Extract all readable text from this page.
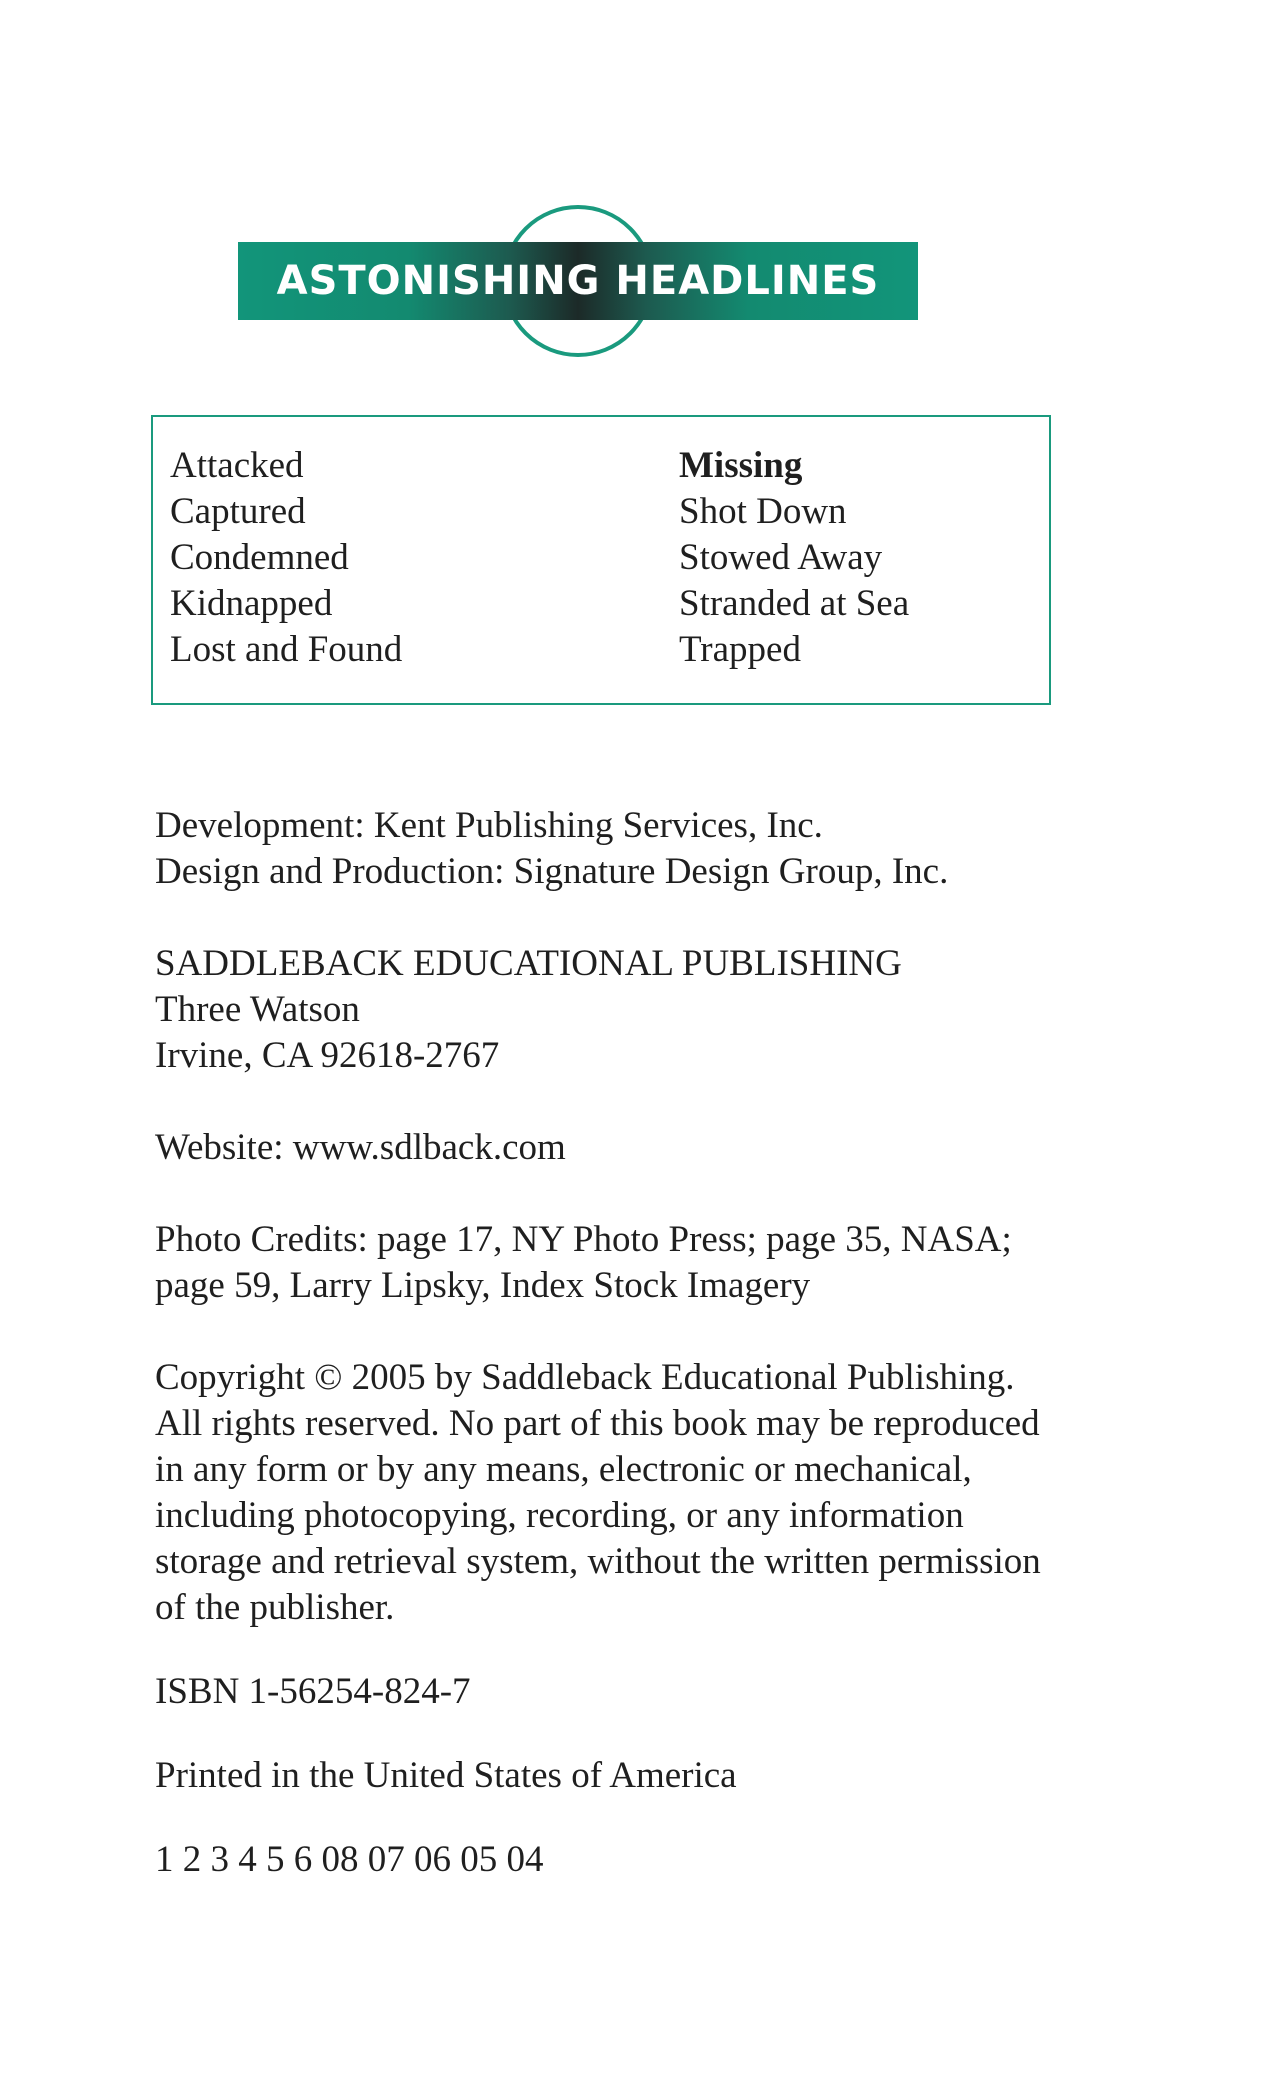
ASTONISHING HEADLINES
Attacked
Captured
Condemned
Kidnapped
Lost and Found
Missing
Shot Down
Stowed Away
Stranded at Sea
Trapped

Development: Kent Publishing Services, Inc.
Design and Production: Signature Design Group, Inc.

SADDLEBACK EDUCATIONAL PUBLISHING
Three Watson
Irvine, CA 92618-2767

Website: www.sdlback.com

Photo Credits: page 17, NY Photo Press; page 35, NASA;
page 59, Larry Lipsky, Index Stock Imagery

Copyright © 2005 by Saddleback Educational Publishing.
All rights reserved. No part of this book may be reproduced
in any form or by any means, electronic or mechanical,
including photocopying, recording, or any information
storage and retrieval system, without the written permission
of the publisher.

ISBN 1-56254-824-7

Printed in the United States of America

1 2 3 4 5 6 08 07 06 05 04
